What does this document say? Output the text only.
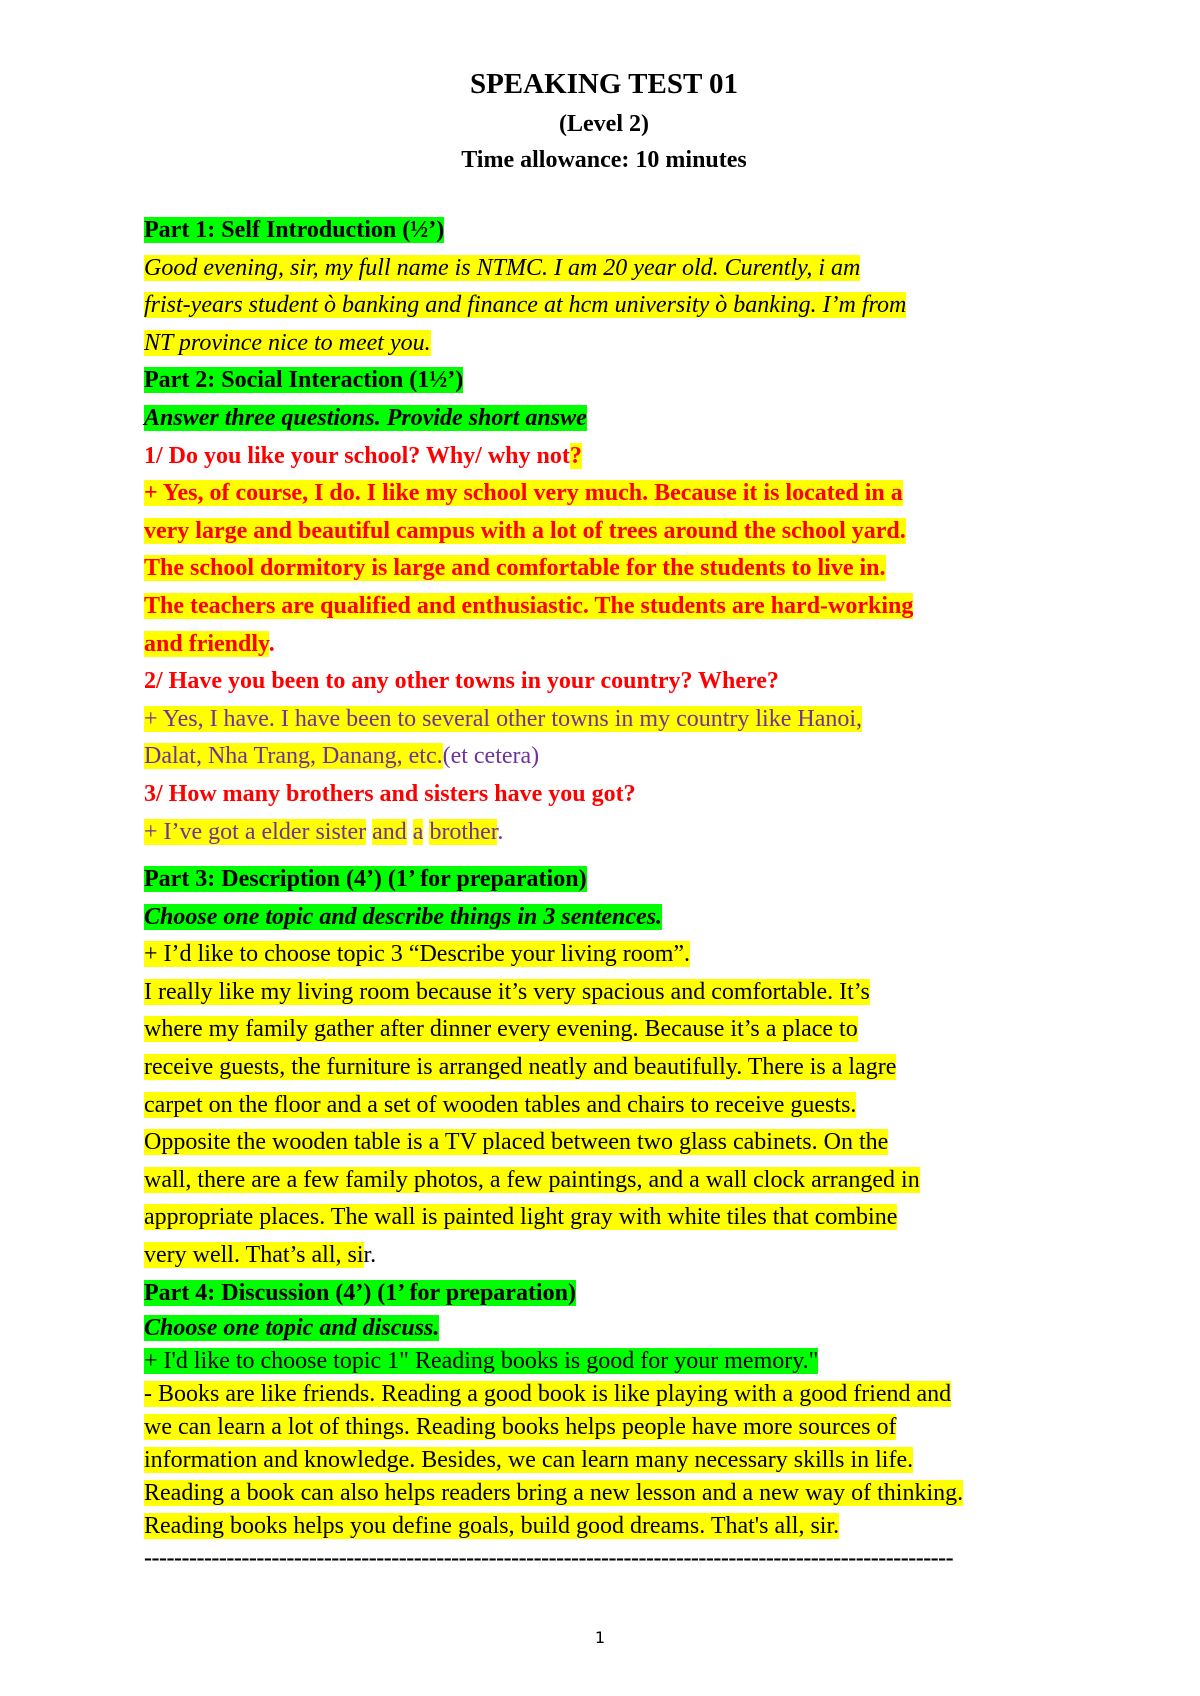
SPEAKING TEST 01
(Level 2)
Time allowance: 10 minutes
Part 1: Self Introduction (½’)
Good evening, sir, my full name is NTMC. I am 20 year old. Curently, i am
frist-years student ò banking and finance at hcm university ò banking. I’m from
NT province nice to meet you.
Part 2: Social Interaction (1½’)
Answer three questions. Provide short answe
1/ Do you like your school? Why/ why not?
+ Yes, of course, I do. I like my school very much. Because it is located in a
very large and beautiful campus with a lot of trees around the school yard.
The school dormitory is large and comfortable for the students to live in.
The teachers are qualified and enthusiastic. The students are hard-working
and friendly.
2/ Have you been to any other towns in your country? Where?
+ Yes, I have. I have been to several other towns in my country like Hanoi,
Dalat, Nha Trang, Danang, etc.(et cetera)
3/ How many brothers and sisters have you got?
+ I’ve got a elder sister and a brother.
Part 3: Description (4’) (1’ for preparation)
Choose one topic and describe things in 3 sentences.
+ I’d like to choose topic 3 “Describe your living room”.
I really like my living room because it’s very spacious and comfortable. It’s
where my family gather after dinner every evening. Because it’s a place to
receive guests, the furniture is arranged neatly and beautifully. There is a lagre
carpet on the floor and a set of wooden tables and chairs to receive guests.
Opposite the wooden table is a TV placed between two glass cabinets. On the
wall, there are a few family photos, a few paintings, and a wall clock arranged in
appropriate places. The wall is painted light gray with white tiles that combine
very well. That’s all, sir.
Part 4: Discussion (4’) (1’ for preparation)
Choose one topic and discuss.
+ I'd like to choose topic 1" Reading books is good for your memory."
- Books are like friends. Reading a good book is like playing with a good friend and
we can learn a lot of things. Reading books helps people have more sources of
information and knowledge. Besides, we can learn many necessary skills in life.
Reading a book can also helps readers bring a new lesson and a new way of thinking.
Reading books helps you define goals, build good dreams. That's all, sir.
------------------------------------------------------------------------------------------------------------
1
